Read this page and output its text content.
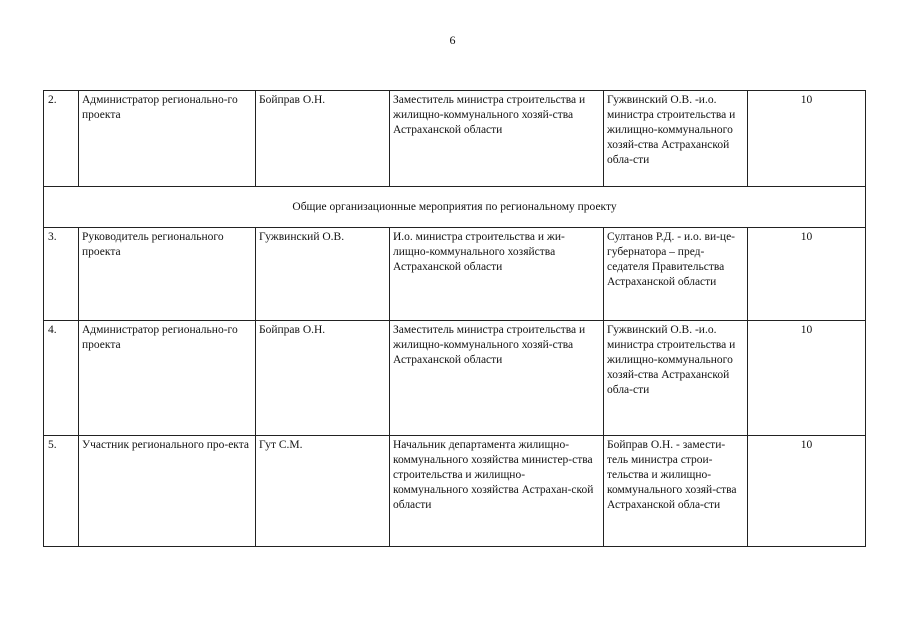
6
2.	Администратор регионально-го проекта	Бойправ О.Н.	Заместитель министра строительства и жилищно-коммунального хозяй-ства Астраханской области	Гужвинский О.В. -и.о. министра строительства и жилищно-коммунального хозяй-ства Астраханской обла-сти	10
Общие организационные мероприятия по региональному проекту					
3.	Руководитель регионального проекта	Гужвинский О.В.	И.о. министра строительства и жи-лищно-коммунального хозяйства Астраханской области	Султанов Р.Д. - и.о. ви-це-губернатора – пред-седателя Правительства Астраханской области	10
4.	Администратор регионально-го проекта	Бойправ О.Н.	Заместитель министра строительства и жилищно-коммунального хозяй-ства Астраханской области	Гужвинский О.В. -и.о. министра строительства и жилищно-коммунального хозяй-ства Астраханской обла-сти	10
5.	Участник регионального про-екта	Гут С.М.	Начальник департамента жилищно-коммунального хозяйства министер-ства строительства и жилищно-коммунального хозяйства Астрахан-ской области	Бойправ О.Н. - замести-тель министра строи-тельства и жилищно-коммунального хозяй-ства Астраханской обла-сти	10
